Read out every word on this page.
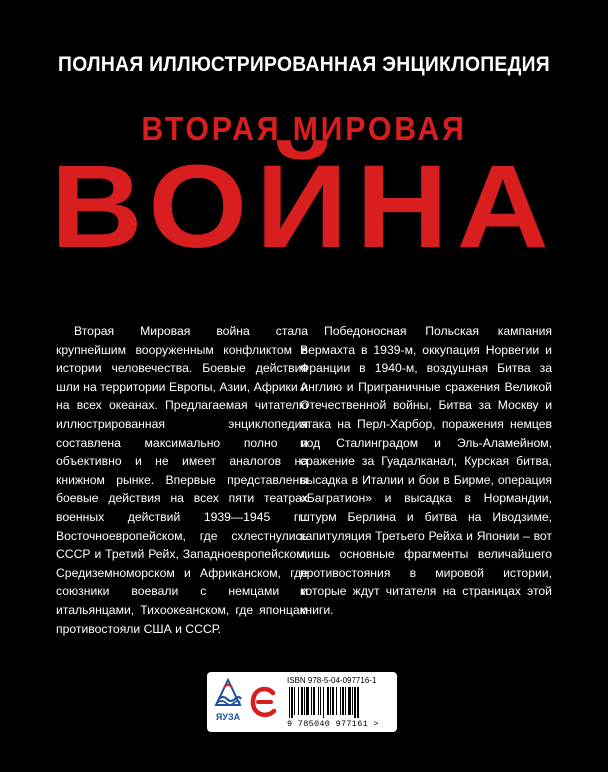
ПОЛНАЯ ИЛЛЮСТРИРОВАННАЯ ЭНЦИКЛОПЕДИЯ
ВТОРАЯ МИРОВАЯ
ВОЙНА
Вторая Мировая война стала крупнейшим вооруженным конфликтом в истории человечества. Боевые действия шли на территории Европы, Азии, Африки и на всех океанах. Предлагаемая читателю иллюстрированная энциклопедия составлена максимально полно и объективно и не имеет аналогов на книжном рынке. Впервые представлены боевые действия на всех пяти театрах военных действий 1939—1945 гг.: Восточноевропейском, где схлестнулись СССР и Третий Рейх, Западноевропейском, Средиземноморском и Африканском, где союзники воевали с немцами и итальянцами, Тихоокеанском, где японцам противостояли США и СССР.
Победоносная Польская кампания Вермахта в 1939-м, оккупация Норвегии и Франции в 1940-м, воздушная Битва за Англию и Приграничные сражения Великой Отечественной войны, Битва за Москву и атака на Перл-Харбор, поражения немцев под Сталинградом и Эль-Аламейном, сражение за Гуадалканал, Курская битва, высадка в Италии и бои в Бирме, операция «Багратион» и высадка в Нормандии, штурм Берлина и битва на Иводзиме, капитуляция Третьего Рейха и Японии – вот лишь основные фрагменты величайшего противостояния в мировой истории, которые ждут читателя на страницах этой книги.
ЯУЗА
ISBN 978-5-04-097716-1
9 785040 977161 >
